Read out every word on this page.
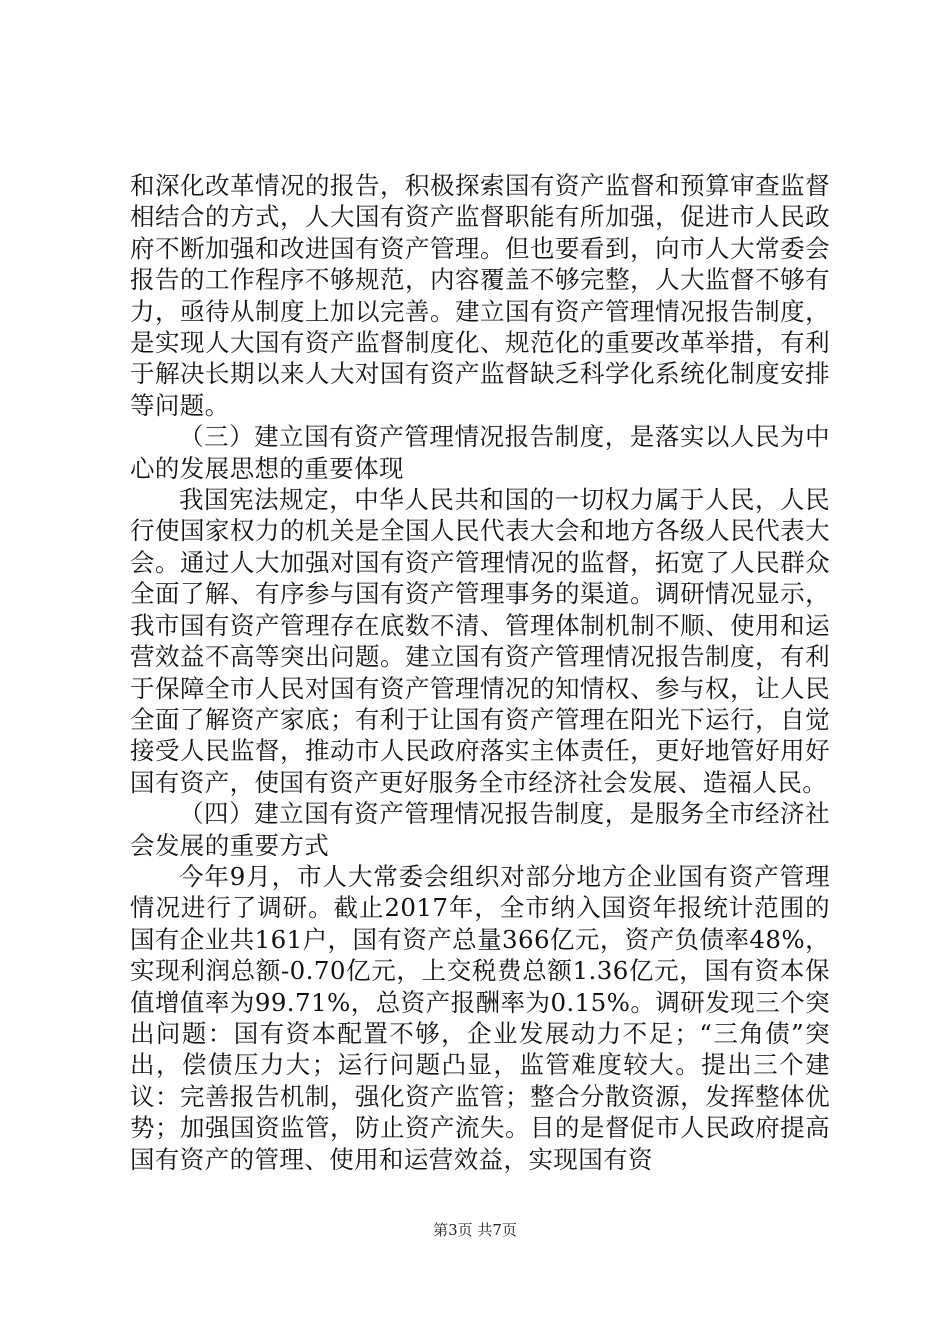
和深化改革情况的报告，积极探索国有资产监督和预算审查监督相结合的方式，人大国有资产监督职能有所加强，促进市人民政府不断加强和改进国有资产管理。但也要看到，向市人大常委会报告的工作程序不够规范，内容覆盖不够完整，人大监督不够有力，亟待从制度上加以完善。建立国有资产管理情况报告制度，是实现人大国有资产监督制度化、规范化的重要改革举措，有利于解决长期以来人大对国有资产监督缺乏科学化系统化制度安排等问题。

（三）建立国有资产管理情况报告制度，是落实以人民为中心的发展思想的重要体现

我国宪法规定，中华人民共和国的一切权力属于人民，人民行使国家权力的机关是全国人民代表大会和地方各级人民代表大会。通过人大加强对国有资产管理情况的监督，拓宽了人民群众全面了解、有序参与国有资产管理事务的渠道。调研情况显示，我市国有资产管理存在底数不清、管理体制机制不顺、使用和运营效益不高等突出问题。建立国有资产管理情况报告制度，有利于保障全市人民对国有资产管理情况的知情权、参与权，让人民全面了解资产家底；有利于让国有资产管理在阳光下运行，自觉接受人民监督，推动市人民政府落实主体责任，更好地管好用好国有资产，使国有资产更好服务全市经济社会发展、造福人民。

（四）建立国有资产管理情况报告制度，是服务全市经济社会发展的重要方式

今年9月，市人大常委会组织对部分地方企业国有资产管理情况进行了调研。截止2017年，全市纳入国资年报统计范围的国有企业共161户，国有资产总量366亿元，资产负债率48%，实现利润总额-0.70亿元，上交税费总额1.36亿元，国有资本保值增值率为99.71%，总资产报酬率为0.15%。调研发现三个突出问题：国有资本配置不够，企业发展动力不足；“三角债”突出，偿债压力大；运行问题凸显，监管难度较大。提出三个建议：完善报告机制，强化资产监管；整合分散资源，发挥整体优势；加强国资监管，防止资产流失。目的是督促市人民政府提高国有资产的管理、使用和运营效益，实现国有资

第3页 共7页
